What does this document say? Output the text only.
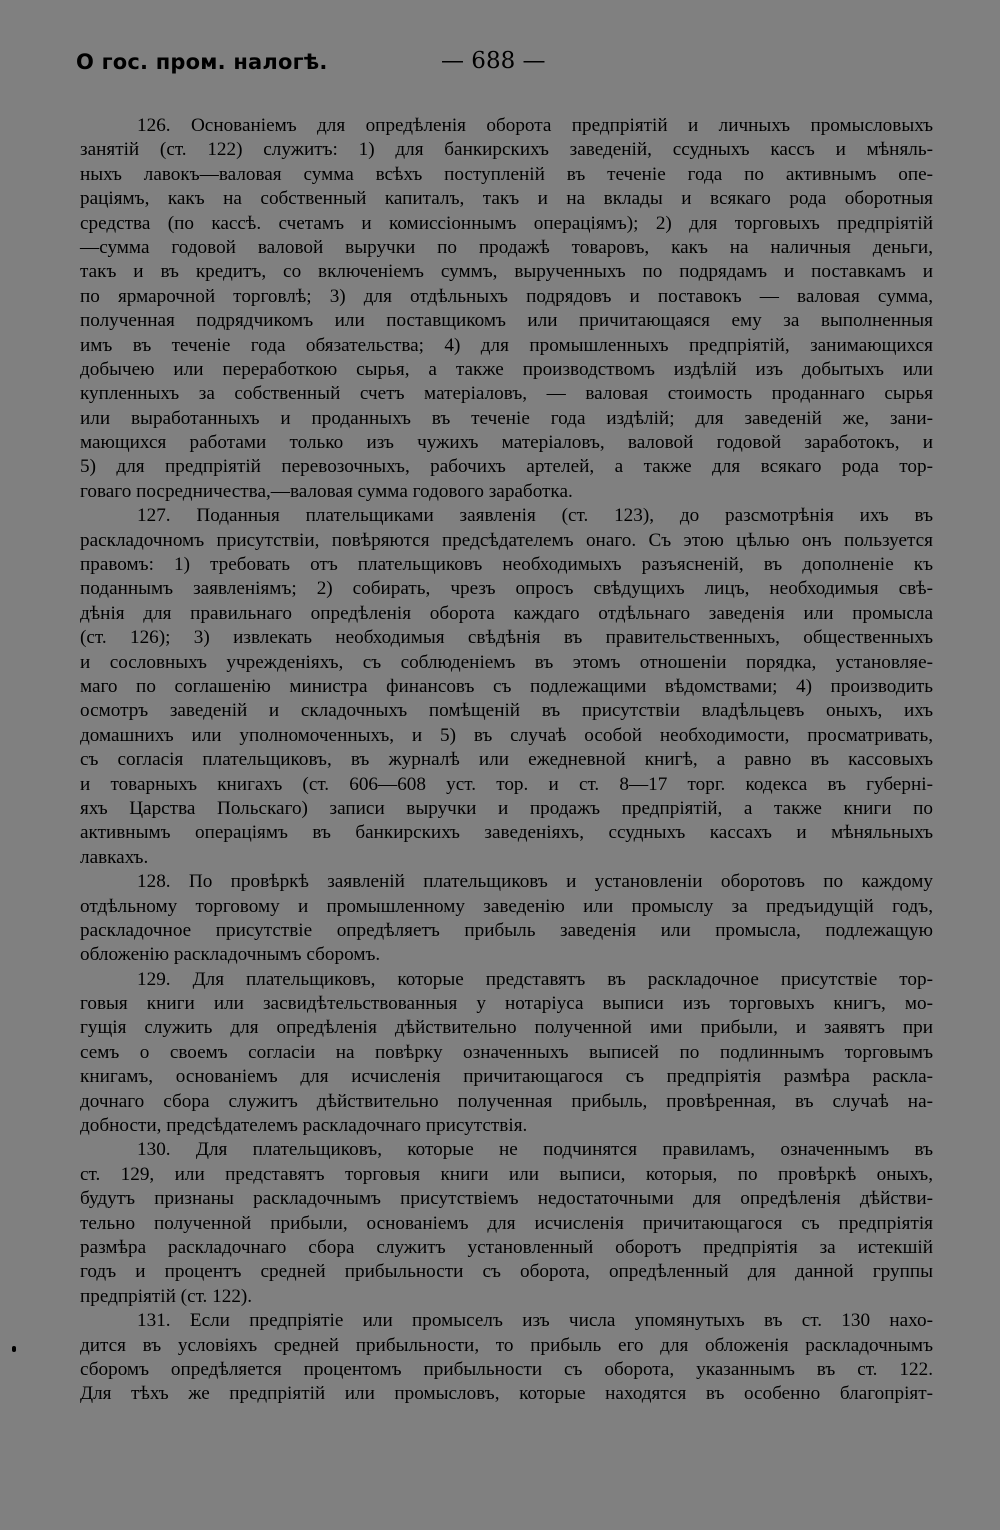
О гос. пром. налогѣ.	— 688 —
126. Основаніемъ для опредѣленія оборота предпріятій и личныхъ промысловыхъ
занятій (ст. 122) служитъ: 1) для банкирскихъ заведеній, ссудныхъ кассъ и мѣняль-
ныхъ лавокъ—валовая сумма всѣхъ поступленій въ теченіе года по активнымъ опе-
раціямъ, какъ на собственный капиталъ, такъ и на вклады и всякаго рода оборотныя
средства (по кассѣ. счетамъ и комиссіоннымъ операціямъ); 2) для торговыхъ предпріятій
—сумма годовой валовой выручки по продажѣ товаровъ, какъ на наличныя деньги,
такъ и въ кредитъ, со включеніемъ суммъ, вырученныхъ по подрядамъ и поставкамъ и
по ярмарочной торговлѣ; 3) для отдѣльныхъ подрядовъ и поставокъ — валовая сумма,
полученная подрядчикомъ или поставщикомъ или причитающаяся ему за выполненныя
имъ въ теченіе года обязательства; 4) для промышленныхъ предпріятій, занимающихся
добычею или переработкою сырья, а также производствомъ издѣлій изъ добытыхъ или
купленныхъ за собственный счетъ матеріаловъ, — валовая стоимость проданнаго сырья
или выработанныхъ и проданныхъ въ теченіе года издѣлій; для заведеній же, зани-
мающихся работами только изъ чужихъ матеріаловъ, валовой годовой заработокъ, и
5) для предпріятій перевозочныхъ, рабочихъ артелей, а также для всякаго рода тор-
говаго посредничества,—валовая сумма годового заработка.
127. Поданныя плательщиками заявленія (ст. 123), до разсмотрѣнія ихъ въ
раскладочномъ присутствіи, повѣряются предсѣдателемъ онаго. Съ этою цѣлью онъ пользуется
правомъ: 1) требовать отъ плательщиковъ необходимыхъ разъясненій, въ дополненіе къ
поданнымъ заявленіямъ; 2) собирать, чрезъ опросъ свѣдущихъ лицъ, необходимыя свѣ-
дѣнія для правильнаго опредѣленія оборота каждаго отдѣльнаго заведенія или промысла
(ст. 126); 3) извлекать необходимыя свѣдѣнія въ правительственныхъ, общественныхъ
и сословныхъ учрежденіяхъ, съ соблюденіемъ въ этомъ отношеніи порядка, установляе-
маго по соглашенію министра финансовъ съ подлежащими вѣдомствами; 4) производить
осмотръ заведеній и складочныхъ помѣщеній въ присутствіи владѣльцевъ оныхъ, ихъ
домашнихъ или уполномоченныхъ, и 5) въ случаѣ особой необходимости, просматривать,
съ согласія плательщиковъ, въ журналѣ или ежедневной книгѣ, а равно въ кассовыхъ
и товарныхъ книгахъ (ст. 606—608 уст. тор. и ст. 8—17 торг. кодекса въ губерні-
яхъ Царства Польскаго) записи выручки и продажъ предпріятій, а также книги по
активнымъ операціямъ въ банкирскихъ заведеніяхъ, ссудныхъ кассахъ и мѣняльныхъ
лавкахъ.
128. По провѣркѣ заявленій плательщиковъ и установленіи оборотовъ по каждому
отдѣльному торговому и промышленному заведенію или промыслу за предъидущій годъ,
раскладочное присутствіе опредѣляетъ прибыль заведенія или промысла, подлежащую
обложенію раскладочнымъ сборомъ.
129. Для плательщиковъ, которые представятъ въ раскладочное присутствіе тор-
говыя книги или засвидѣтельствованныя у нотаріуса выписи изъ торговыхъ книгъ, мо-
гущія служить для опредѣленія дѣйствительно полученной ими прибыли, и заявятъ при
семъ о своемъ согласіи на повѣрку означенныхъ выписей по подлиннымъ торговымъ
книгамъ, основаніемъ для исчисленія причитающагося съ предпріятія размѣра раскла-
дочнаго сбора служитъ дѣйствительно полученная прибыль, провѣренная, въ случаѣ на-
добности, предсѣдателемъ раскладочнаго присутствія.
130. Для плательщиковъ, которые не подчинятся правиламъ, означеннымъ въ
ст. 129, или представятъ торговыя книги или выписи, которыя, по провѣркѣ оныхъ,
будутъ признаны раскладочнымъ присутствіемъ недостаточными для опредѣленія дѣйстви-
тельно полученной прибыли, основаніемъ для исчисленія причитающагося съ предпріятія
размѣра раскладочнаго сбора служитъ установленный оборотъ предпріятія за истекшій
годъ и процентъ средней прибыльности съ оборота, опредѣленный для данной группы
предпріятій (ст. 122).
131. Если предпріятіе или промыселъ изъ числа упомянутыхъ въ ст. 130 нахо-
дится въ условіяхъ средней прибыльности, то прибыль его для обложенія раскладочнымъ
сборомъ опредѣляется процентомъ прибыльности съ оборота, указаннымъ въ ст. 122.
Для тѣхъ же предпріятій или промысловъ, которые находятся въ особенно благопріят-
